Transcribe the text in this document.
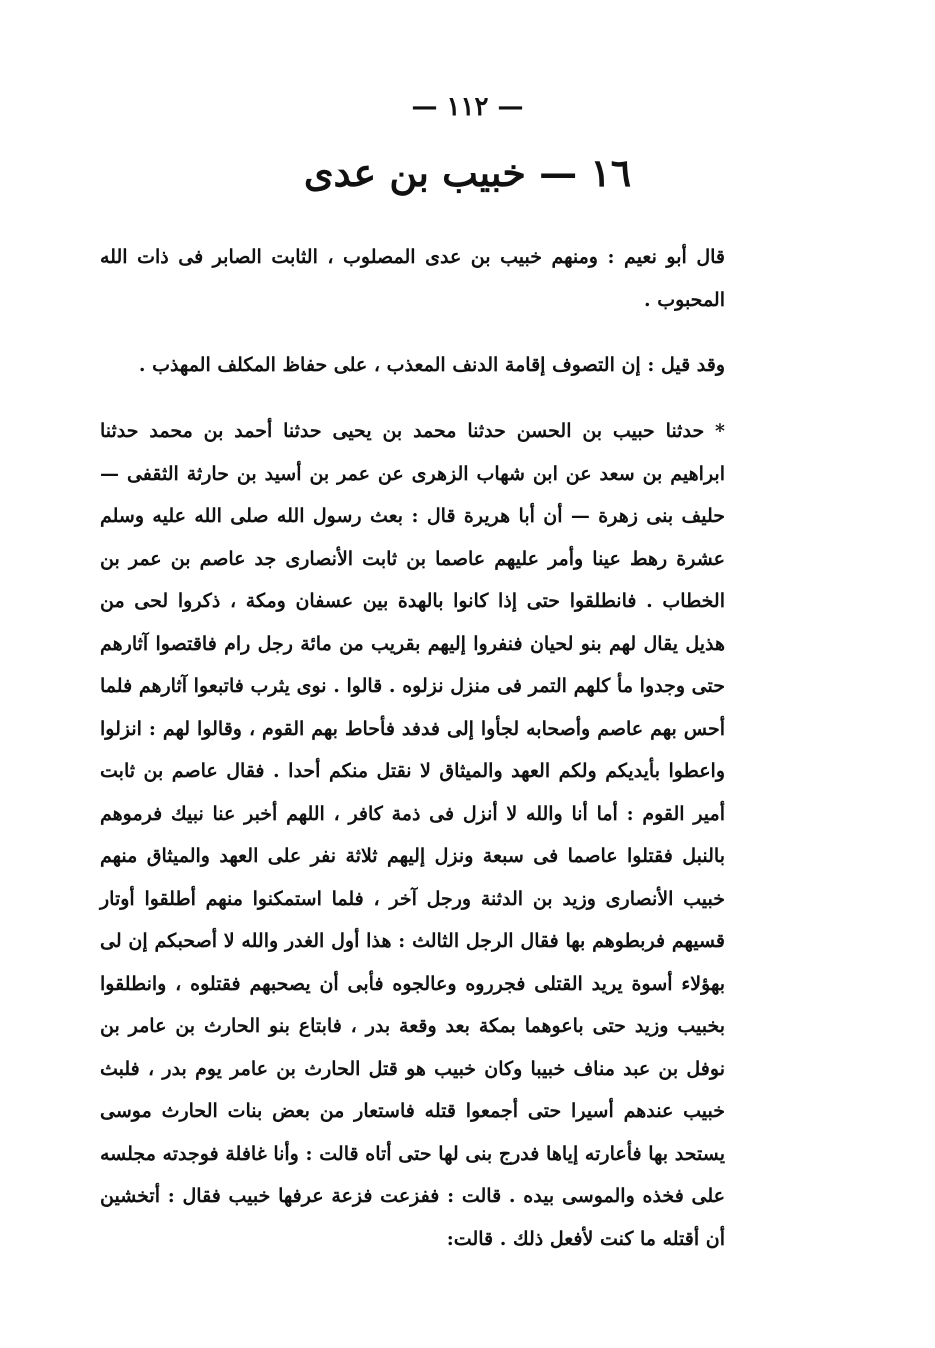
— ١١٢ —
١٦ — خبيب بن عدى
قال أبو نعيم : ومنهم خبيب بن عدى المصلوب ، الثابت الصابر فى ذات الله المحبوب .
وقد قيل : إن التصوف إقامة الدنف المعذب ، على حفاظ المكلف المهذب .
* حدثنا حبيب بن الحسن حدثنا محمد بن يحيى حدثنا أحمد بن محمد حدثنا ابراهيم بن سعد عن ابن شهاب الزهرى عن عمر بن أسيد بن حارثة الثقفى — حليف بنى زهرة — أن أبا هريرة قال : بعث رسول الله صلى الله عليه وسلم عشرة رهط عينا وأمر عليهم عاصما بن ثابت الأنصارى جد عاصم بن عمر بن الخطاب . فانطلقوا حتى إذا كانوا بالهدة بين عسفان ومكة ، ذكروا لحى من هذيل يقال لهم بنو لحيان فنفروا إليهم بقريب من مائة رجل رام فاقتصوا آثارهم حتى وجدوا مأ كلهم التمر فى منزل نزلوه . قالوا . نوى يثرب فاتبعوا آثارهم فلما أحس بهم عاصم وأصحابه لجأوا إلى فدفد فأحاط بهم القوم ، وقالوا لهم : انزلوا واعطوا بأيديكم ولكم العهد والميثاق لا نقتل منكم أحدا . فقال عاصم بن ثابت أمير القوم : أما أنا والله لا أنزل فى ذمة كافر ، اللهم أخبر عنا نبيك فرموهم بالنبل فقتلوا عاصما فى سبعة ونزل إليهم ثلاثة نفر على العهد والميثاق منهم خبيب الأنصارى وزيد بن الدثنة ورجل آخر ، فلما استمكنوا منهم أطلقوا أوتار قسيهم فربطوهم بها فقال الرجل الثالث : هذا أول الغدر والله لا أصحبكم إن لى بهؤلاء أسوة يريد القتلى فجرروه وعالجوه فأبى أن يصحبهم فقتلوه ، وانطلقوا بخبيب وزيد حتى باعوهما بمكة بعد وقعة بدر ، فابتاع بنو الحارث بن عامر بن نوفل بن عبد مناف خبيبا وكان خبيب هو قتل الحارث بن عامر يوم بدر ، فلبث خبيب عندهم أسيرا حتى أجمعوا قتله فاستعار من بعض بنات الحارث موسى يستحد بها فأعارته إياها فدرج بنى لها حتى أتاه قالت : وأنا غافلة فوجدته مجلسه على فخذه والموسى بيده . قالت : ففزعت فزعة عرفها خبيب فقال : أتخشين أن أقتله ما كنت لأفعل ذلك . قالت:
